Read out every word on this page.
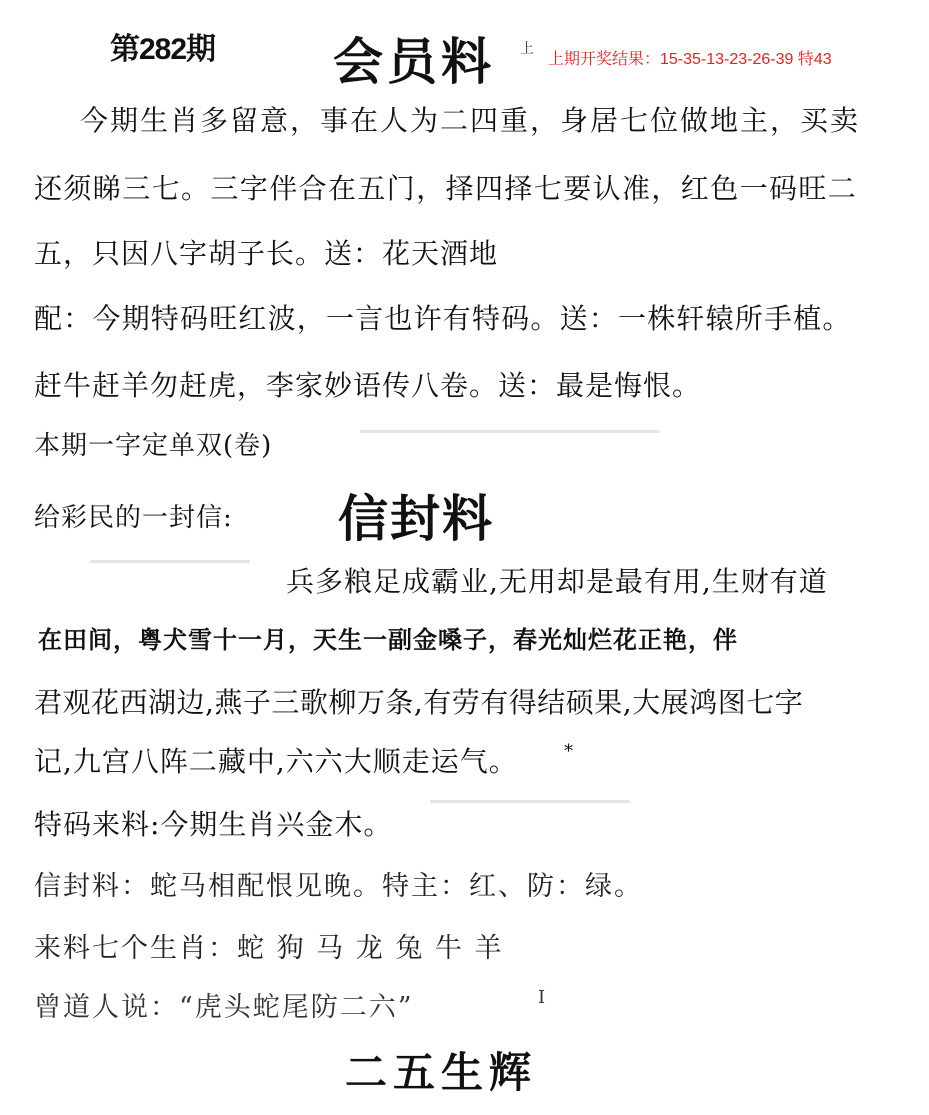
第282期 会员料 上
上期开奖结果：15-35-13-23-26-39 特43
今期生肖多留意，事在人为二四重，身居七位做地主，买卖
还须睇三七。三字伴合在五门，择四择七要认准，红色一码旺二
五，只因八字胡子长。送：花天酒地
配：今期特码旺红波，一言也许有特码。送：一株轩辕所手植。
赶牛赶羊勿赶虎，李家妙语传八卷。送：最是悔恨。
本期一字定单双(卷)
给彩民的一封信: 信封料
兵多粮足成霸业,无用却是最有用,生财有道
在田间，粤犬雪十一月，天生一副金嗓子，春光灿烂花正艳，伴
君观花西湖边,燕子三歌柳万条,有劳有得结硕果,大展鸿图七字
记,九宫八阵二藏中,六六大顺走运气。	*
特码来料:今期生肖兴金木。
信封料：蛇马相配恨见晚。特主：红、防：绿。
来料七个生肖：蛇 狗 马 龙 兔 牛 羊
曾道人说：“虎头蛇尾防二六”	I
二五生辉
